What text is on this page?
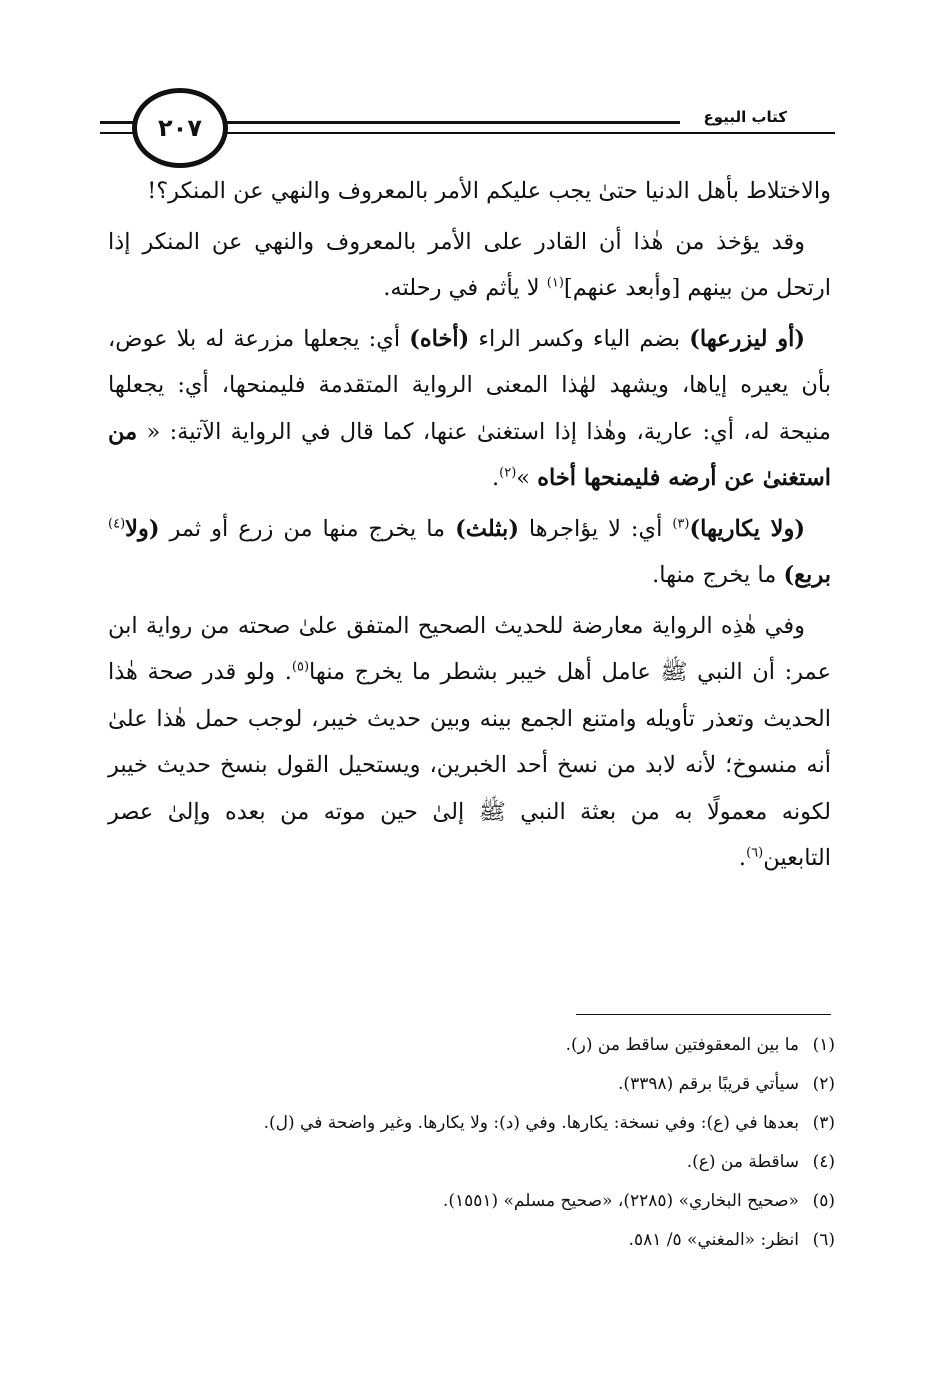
٢٠٧	كتاب البيوع

والاختلاط بأهل الدنيا حتىٰ يجب عليكم الأمر بالمعروف والنهي عن المنكر؟!

وقد يؤخذ من هٰذا أن القادر على الأمر بالمعروف والنهي عن المنكر إذا ارتحل من بينهم [وأبعد عنهم]$^{(١)}$ لا يأثم في رحلته.

(أو ليزرعها) بضم الياء وكسر الراء (أخاه) أي: يجعلها مزرعة له بلا عوض، بأن يعيره إياها، ويشهد لهٰذا المعنى الرواية المتقدمة فليمنحها، أي: يجعلها منيحة له، أي: عارية، وهٰذا إذا استغنىٰ عنها، كما قال في الرواية الآتية: « من استغنىٰ عن أرضه فليمنحها أخاه »$^{(٢)}$.

(ولا يكاريها)$^{(٣)}$ أي: لا يؤاجرها (بثلث) ما يخرج منها من زرع أو ثمر (ولا$^{(٤)}$ بربع) ما يخرج منها.

وفي هٰذِه الرواية معارضة للحديث الصحيح المتفق علىٰ صحته من رواية ابن عمر: أن النبي ﷺ عامل أهل خيبر بشطر ما يخرج منها$^{(٥)}$. ولو قدر صحة هٰذا الحديث وتعذر تأويله وامتنع الجمع بينه وبين حديث خيبر، لوجب حمل هٰذا علىٰ أنه منسوخ؛ لأنه لابد من نسخ أحد الخبرين، ويستحيل القول بنسخ حديث خيبر لكونه معمولًا به من بعثة النبي ﷺ إلىٰ حين موته من بعده وإلىٰ عصر التابعين$^{(٦)}$.

(١)
ما بين المعقوفتين ساقط من (ر).
(٢)
سيأتي قريبًا برقم (٣٣٩٨).
(٣)
بعدها في (ع): وفي نسخة: يكارها. وفي (د): ولا يكارها. وغير واضحة في (ل).
(٤)
ساقطة من (ع).
(٥)
«صحيح البخاري» (٢٢٨٥)، «صحيح مسلم» (١٥٥١).
(٦)
انظر: «المغني» ٥/ ٥٨١.
